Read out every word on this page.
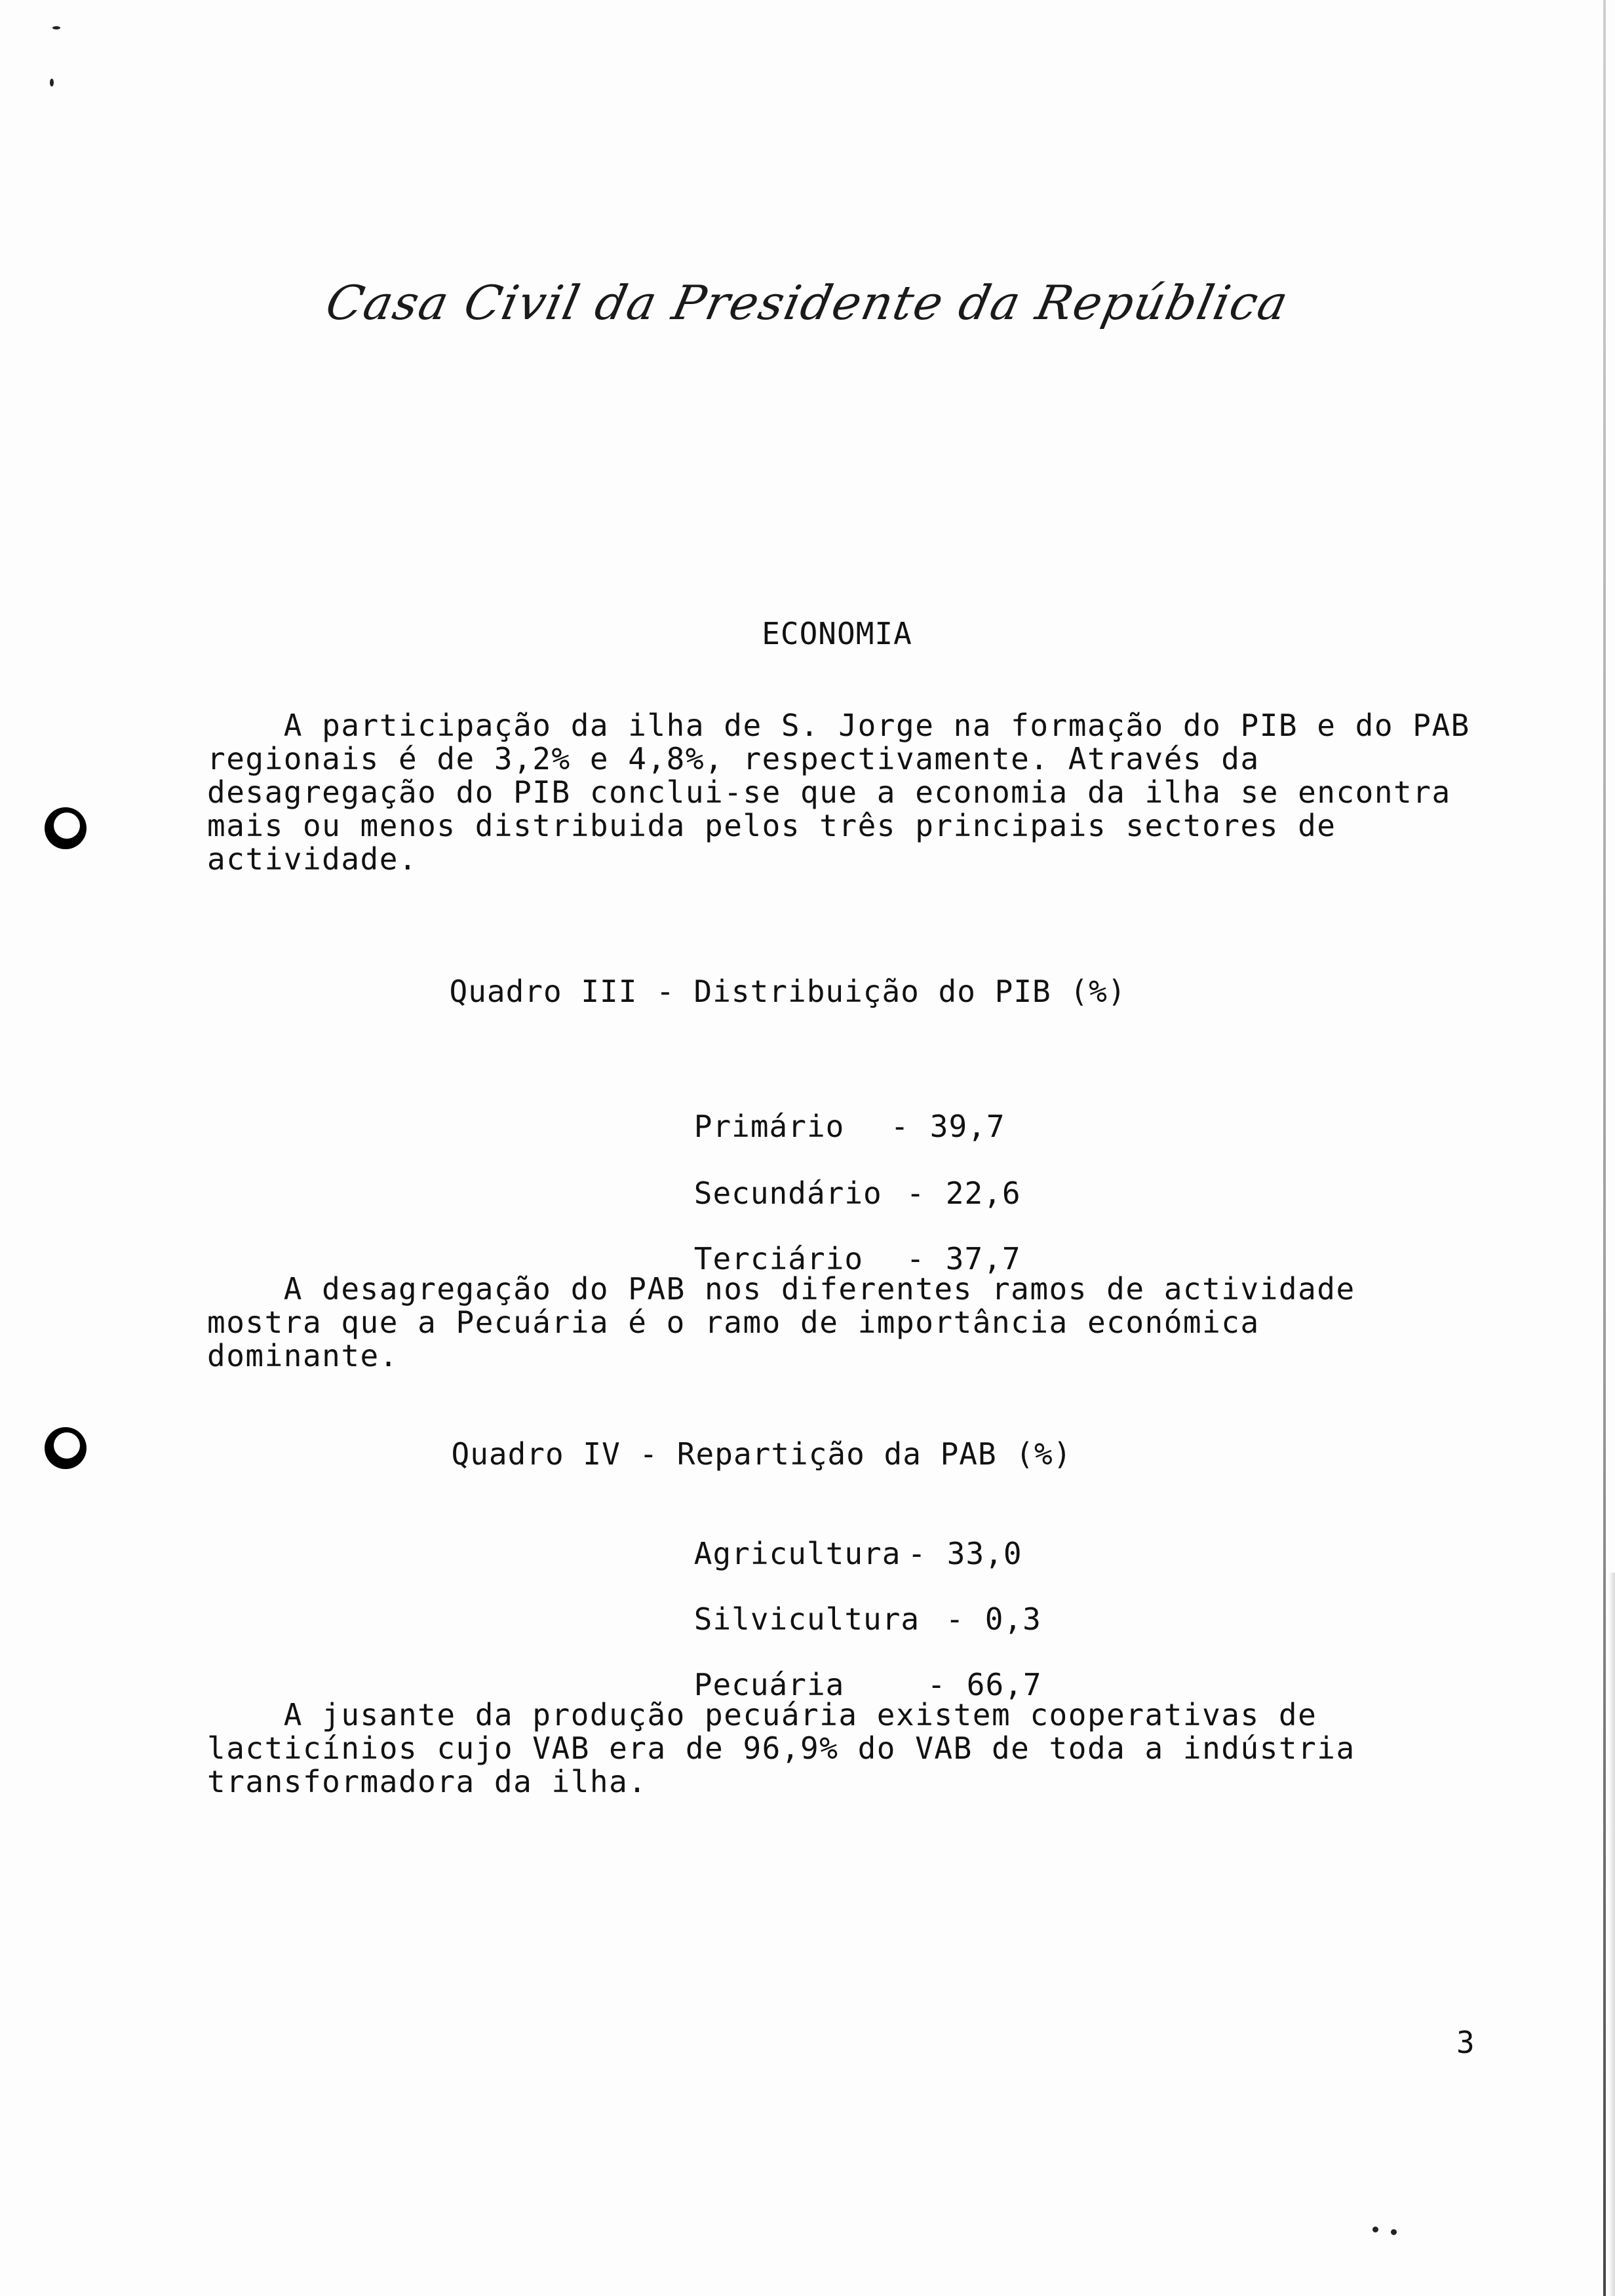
Casa Civil da Presidente da República
ECONOMIA

A participação da ilha de S. Jorge na formação do PIB e do PAB

regionais é de 3,2% e 4,8%, respectivamente. Através da

desagregação do PIB conclui-se que a economia da ilha se encontra

mais ou menos distribuida pelos três principais sectores de

actividade.

Quadro III - Distribuição do PIB (%)

Primário - 39,7

Secundário - 22,6

Terciário - 37,7

A desagregação do PAB nos diferentes ramos de actividade

mostra que a Pecuária é o ramo de importância económica

dominante.

Quadro IV - Repartição da PAB (%)

Agricultura - 33,0

Silvicultura - 0,3

Pecuária	- 66,7

A jusante da produção pecuária existem cooperativas de

lacticínios cujo VAB era de 96,9% do VAB de toda a indústria

transformadora da ilha.

3
